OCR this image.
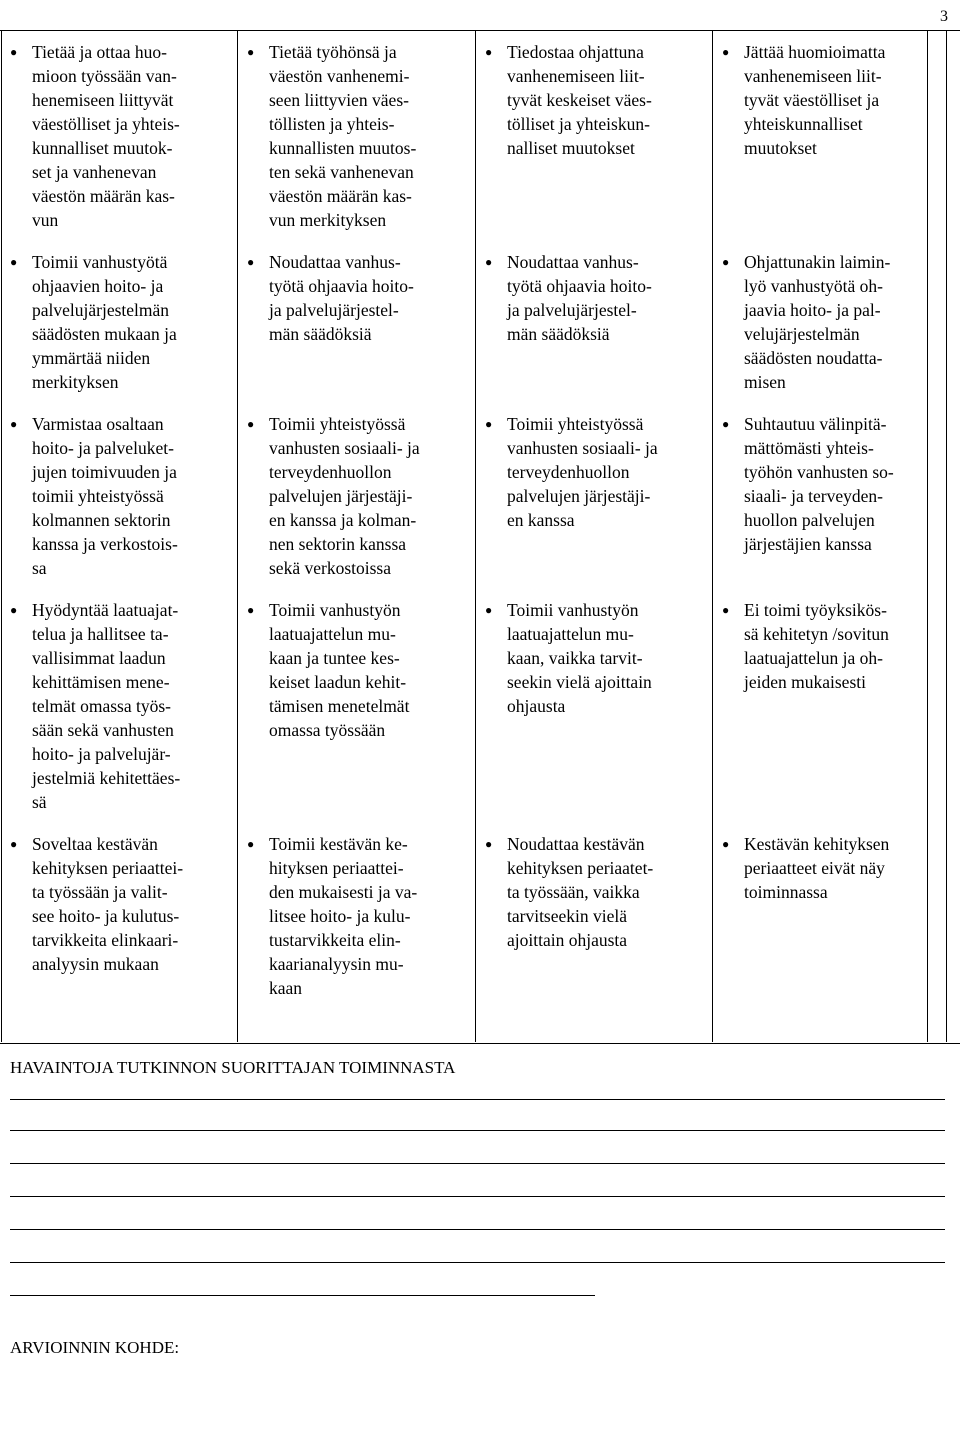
3
● Tietää ja ottaa huo-
mioon työssään van-
henemiseen liittyvät
väestölliset ja yhteis-
kunnalliset muutok-
set ja vanhenevan
väestön määrän kas-
vun
● Tietää työhönsä ja
väestön vanhenemi-
seen liittyvien väes-
töllisten ja yhteis-
kunnallisten muutos-
ten sekä vanhenevan
väestön määrän kas-
vun merkityksen
● Tiedostaa ohjattuna
vanhenemiseen liit-
tyvät keskeiset väes-
tölliset ja yhteiskun-
nalliset muutokset
● Jättää huomioimatta
vanhenemiseen liit-
tyvät väestölliset ja
yhteiskunnalliset
muutokset
● Toimii vanhustyötä
ohjaavien hoito- ja
palvelujärjestelmän
säädösten mukaan ja
ymmärtää niiden
merkityksen
● Noudattaa vanhus-
työtä ohjaavia hoito-
ja palvelujärjestel-
män säädöksiä
● Noudattaa vanhus-
työtä ohjaavia hoito-
ja palvelujärjestel-
män säädöksiä
● Ohjattunakin laimin-
lyö vanhustyötä oh-
jaavia hoito- ja pal-
velujärjestelmän
säädösten noudatta-
misen
● Varmistaa osaltaan
hoito- ja palveluket-
jujen toimivuuden ja
toimii yhteistyössä
kolmannen sektorin
kanssa ja verkostois-
sa
● Toimii yhteistyössä
vanhusten sosiaali- ja
terveydenhuollon
palvelujen järjestäji-
en kanssa ja kolman-
nen sektorin kanssa
sekä verkostoissa
● Toimii yhteistyössä
vanhusten sosiaali- ja
terveydenhuollon
palvelujen järjestäji-
en kanssa
● Suhtautuu välinpitä-
mättömästi yhteis-
työhön vanhusten so-
siaali- ja terveyden-
huollon palvelujen
järjestäjien kanssa
● Hyödyntää laatuajat-
telua ja hallitsee ta-
vallisimmat laadun
kehittämisen mene-
telmät omassa työs-
sään sekä vanhusten
hoito- ja palvelujär-
jestelmiä kehitettäes-
sä
● Toimii vanhustyön
laatuajattelun mu-
kaan ja tuntee kes-
keiset laadun kehit-
tämisen menetelmät
omassa työssään
● Toimii vanhustyön
laatuajattelun mu-
kaan, vaikka tarvit-
seekin vielä ajoittain
ohjausta
● Ei toimi työyksikös-
sä kehitetyn /sovitun
laatuajattelun ja oh-
jeiden mukaisesti
● Soveltaa kestävän
kehityksen periaattei-
ta työssään ja valit-
see hoito- ja kulutus-
tarvikkeita elinkaari-
analyysin mukaan
● Toimii kestävän ke-
hityksen periaattei-
den mukaisesti ja va-
litsee hoito- ja kulu-
tustarvikkeita elin-
kaarianalyysin mu-
kaan
● Noudattaa kestävän
kehityksen periaatet-
ta työssään, vaikka
tarvitseekin vielä
ajoittain ohjausta
● Kestävän kehityksen
periaatteet eivät näy
toiminnassa
HAVAINTOJA TUTKINNON SUORITTAJAN TOIMINNASTA
ARVIOINNIN KOHDE:
